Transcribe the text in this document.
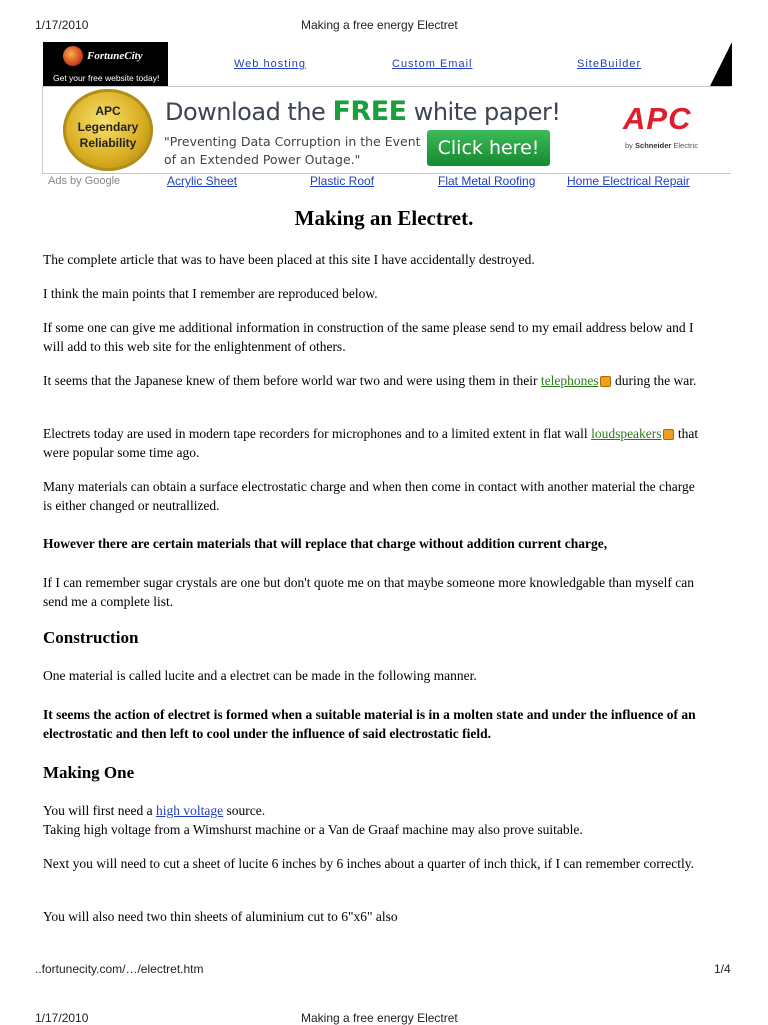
1/17/2010	Making a free energy Electret
FortuneCity
Get your free website today!
Web hosting	Custom Email	SiteBuilder
APC
Legendary
Reliability
Download the FREE white paper!
"Preventing Data Corruption in the Event of an Extended Power Outage."
Click here!
APC
by Schneider Electric
Ads by Google	Acrylic Sheet	Plastic Roof	Flat Metal Roofing	Home Electrical Repair
Making an Electret.
The complete article that was to have been placed at this site I have accidentally destroyed.
I think the main points that I remember are reproduced below.
If some one can give me additional information in construction of the same please send to my email address below and I will add to this web site for the enlightenment of others.
It seems that the Japanese knew of them before world war two and were using them in their telephones during the war.
Electrets today are used in modern tape recorders for microphones and to a limited extent in flat wall loudspeakers that were popular some time ago.
Many materials can obtain a surface electrostatic charge and when then come in contact with another material the charge is either changed or neutrallized.
However there are certain materials that will replace that charge without addition current charge,
If I can remember sugar crystals are one but don't quote me on that maybe someone more knowledgable than myself can send me a complete list.
Construction
One material is called lucite and a electret can be made in the following manner.
It seems the action of electret is formed when a suitable material is in a molten state and under the influence of an electrostatic and then left to cool under the influence of said electrostatic field.
Making One
You will first need a high voltage source.
Taking high voltage from a Wimshurst machine or a Van de Graaf machine may also prove suitable.
Next you will need to cut a sheet of lucite 6 inches by 6 inches about a quarter of inch thick, if I can remember correctly.
You will also need two thin sheets of aluminium cut to 6"x6" also
..fortunecity.com/…/electret.htm	1/4
1/17/2010	Making a free energy Electret
